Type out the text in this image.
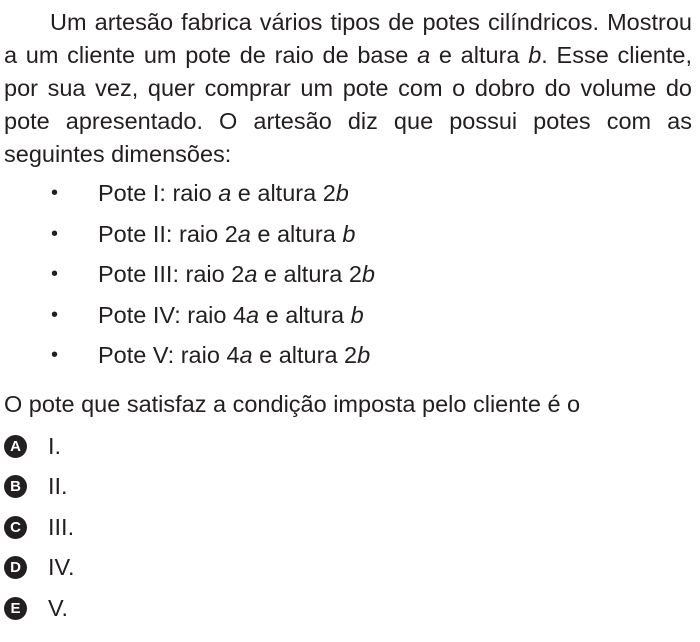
Um artesão fabrica vários tipos de potes cilíndricos. Mostrou a um cliente um pote de raio de base a e altura b. Esse cliente, por sua vez, quer comprar um pote com o dobro do volume do pote apresentado. O artesão diz que possui potes com as seguintes dimensões:

• Pote I: raio a e altura 2b
• Pote II: raio 2a e altura b
• Pote III: raio 2a e altura 2b
• Pote IV: raio 4a e altura b
• Pote V: raio 4a e altura 2b

O pote que satisfaz a condição imposta pelo cliente é o

A I.
B II.
C III.
D IV.
E V.
